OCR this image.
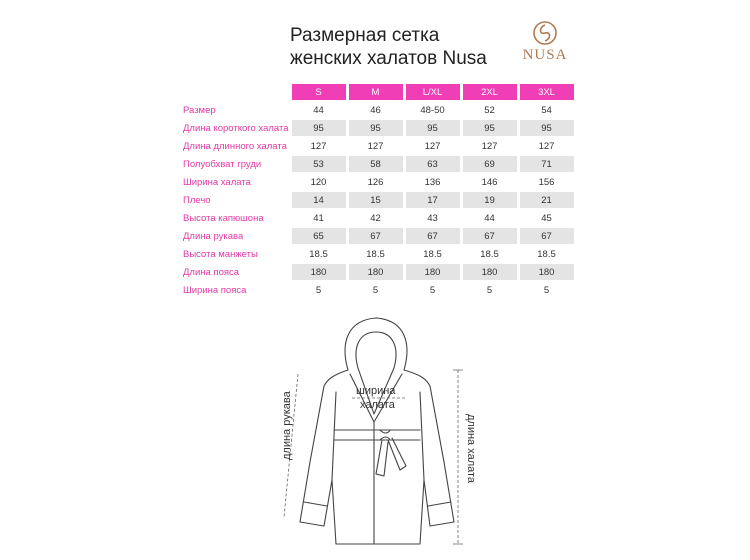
Размерная сетка
женских халатов Nusa	NUSA
	S	M	L/XL	2XL	3XL
Размер	44	46	48-50	52	54
Длина короткого халата	95	95	95	95	95
Длина длинного халата	127	127	127	127	127
Полуобхват груди	53	58	63	69	71
Ширина халата	120	126	136	146	156
Плечо	14	15	17	19	21
Высота капюшона	41	42	43	44	45
Длина рукава	65	67	67	67	67
Высота манжеты	18.5	18.5	18.5	18.5	18.5
Длина пояса	180	180	180	180	180
Ширина пояса	5	5	5	5	5
длина рукава
ширина
халата
длина халата
